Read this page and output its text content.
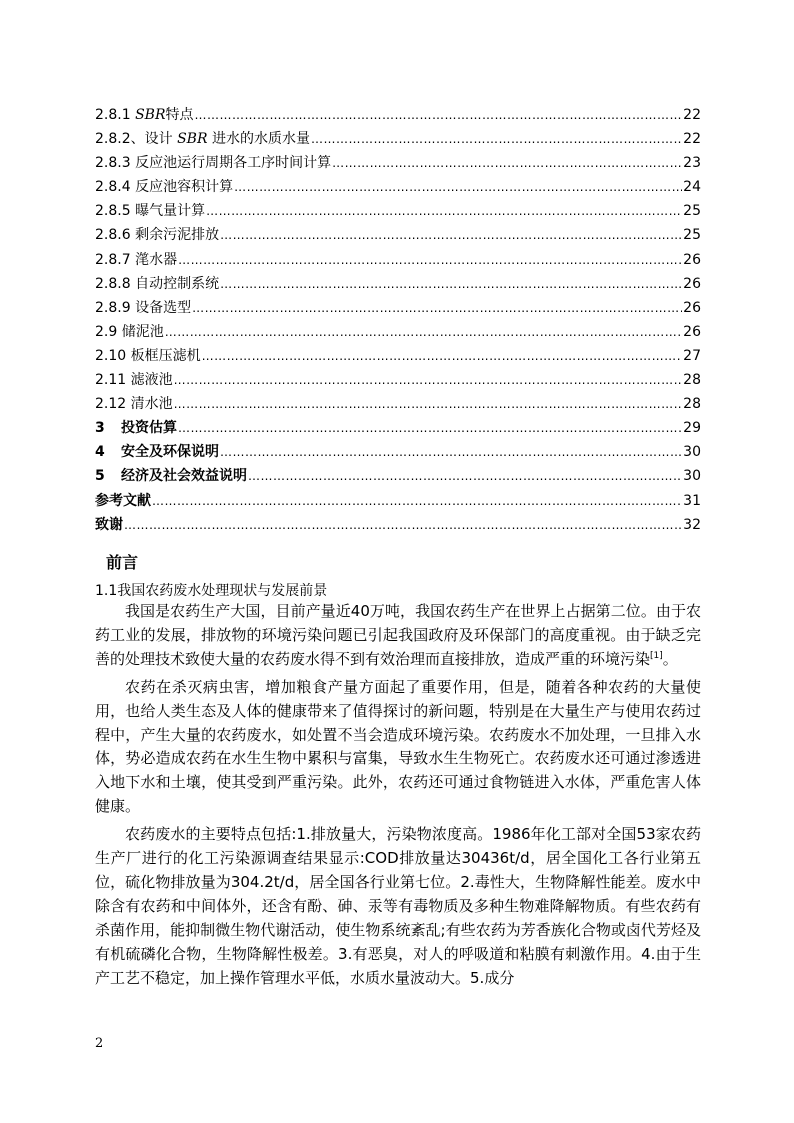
2.8.1 SBR特点 …………………………………………………………………………………………………………………………………………………………………	22
2.8.2、设计 SBR 进水的水质水量 …………………………………………………………………………………………………………………………………………………………………	22
2.8.3 反应池运行周期各工序时间计算 …………………………………………………………………………………………………………………………………………………………………	23
2.8.4 反应池容积计算 …………………………………………………………………………………………………………………………………………………………………	24
2.8.5 曝气量计算 …………………………………………………………………………………………………………………………………………………………………	25
2.8.6 剩余污泥排放 …………………………………………………………………………………………………………………………………………………………………	25
2.8.7 滗水器 …………………………………………………………………………………………………………………………………………………………………	26
2.8.8 自动控制系统 …………………………………………………………………………………………………………………………………………………………………	26
2.8.9 设备选型 …………………………………………………………………………………………………………………………………………………………………	26
2.9 储泥池 …………………………………………………………………………………………………………………………………………………………………	26
2.10 板框压滤机 …………………………………………………………………………………………………………………………………………………………………	27
2.11 滤液池 …………………………………………………………………………………………………………………………………………………………………	28
2.12 清水池 …………………………………………………………………………………………………………………………………………………………………	28
3 投资估算 …………………………………………………………………………………………………………………………………………………………………	29
4 安全及环保说明 …………………………………………………………………………………………………………………………………………………………………	30
5 经济及社会效益说明 …………………………………………………………………………………………………………………………………………………………………	30
参考文献 …………………………………………………………………………………………………………………………………………………………………	31
致谢 …………………………………………………………………………………………………………………………………………………………………	32
前言
1.1我国农药废水处理现状与发展前景

我国是农药生产大国，目前产量近40万吨，我国农药生产在世界上占据第二位。由于农药工业的发展，排放物的环境污染问题已引起我国政府及环保部门的高度重视。由于缺乏完善的处理技术致使大量的农药废水得不到有效治理而直接排放，造成严重的环境污染[1]。

农药在杀灭病虫害，增加粮食产量方面起了重要作用，但是，随着各种农药的大量使用，也给人类生态及人体的健康带来了值得探讨的新问题，特别是在大量生产与使用农药过程中，产生大量的农药废水，如处置不当会造成环境污染。农药废水不加处理，一旦排入水体，势必造成农药在水生生物中累积与富集，导致水生生物死亡。农药废水还可通过渗透进入地下水和土壤，使其受到严重污染。此外，农药还可通过食物链进入水体，严重危害人体健康。

农药废水的主要特点包括:1.排放量大，污染物浓度高。1986年化工部对全国53家农药生产厂进行的化工污染源调查结果显示:COD排放量达30436t/d，居全国化工各行业第五位，硫化物排放量为304.2t/d，居全国各行业第七位。2.毒性大，生物降解性能差。废水中除含有农药和中间体外，还含有酚、砷、汞等有毒物质及多种生物难降解物质。有些农药有杀菌作用，能抑制微生物代谢活动，使生物系统紊乱;有些农药为芳香族化合物或卤代芳烃及有机硫磷化合物，生物降解性极差。3.有恶臭，对人的呼吸道和粘膜有刺激作用。4.由于生产工艺不稳定，加上操作管理水平低，水质水量波动大。5.成分

2
